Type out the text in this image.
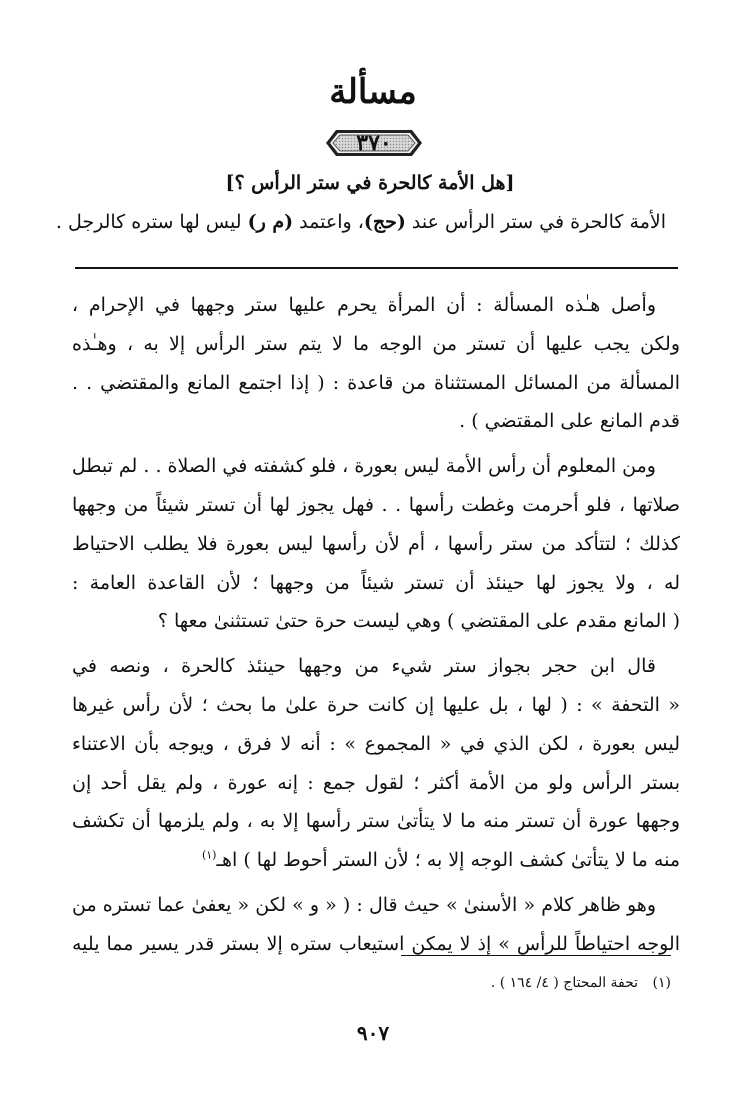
مسألة
٣٧٠
[هل الأمة كالحرة في ستر الرأس ؟]
الأمة كالحرة في ستر الرأس عند (حج)، واعتمد (م ر) ليس لها ستره كالرجل .
وأصل هـٰذه المسألة : أن المرأة يحرم عليها ستر وجهها في الإحرام ،
ولكن يجب عليها أن تستر من الوجه ما لا يتم ستر الرأس إلا به ، وهـٰذه
المسألة من المسائل المستثناة من قاعدة : ( إذا اجتمع المانع والمقتضي . .
قدم المانع على المقتضي ) .
ومن المعلوم أن رأس الأمة ليس بعورة ، فلو كشفته في الصلاة . . لم تبطل
صلاتها ، فلو أحرمت وغطت رأسها . . فهل يجوز لها أن تستر شيئاً من وجهها
كذلك ؛ لتتأكد من ستر رأسها ، أم لأن رأسها ليس بعورة فلا يطلب الاحتياط
له ، ولا يجوز لها حينئذ أن تستر شيئاً من وجهها ؛ لأن القاعدة العامة :
( المانع مقدم على المقتضي ) وهي ليست حرة حتىٰ تستثنىٰ معها ؟
قال ابن حجر بجواز ستر شيء من وجهها حينئذ كالحرة ، ونصه في
« التحفة » : ( لها ، بل عليها إن كانت حرة علىٰ ما بحث ؛ لأن رأس غيرها
ليس بعورة ، لكن الذي في « المجموع » : أنه لا فرق ، ويوجه بأن الاعتناء
بستر الرأس ولو من الأمة أكثر ؛ لقول جمع : إنه عورة ، ولم يقل أحد إن
وجهها عورة أن تستر منه ما لا يتأتىٰ ستر رأسها إلا به ، ولم يلزمها أن تكشف
منه ما لا يتأتىٰ كشف الوجه إلا به ؛ لأن الستر أحوط لها ) اهـ$^{(١)}$
وهو ظاهر كلام « الأسنىٰ » حيث قال : ( « و » لكن « يعفىٰ عما تستره من
الوجه احتياطاً للرأس » إذ لا يمكن استيعاب ستره إلا بستر قدر يسير مما يليه
(١) تحفة المحتاج ( ٤/ ١٦٤ ) .
٩٠٧
